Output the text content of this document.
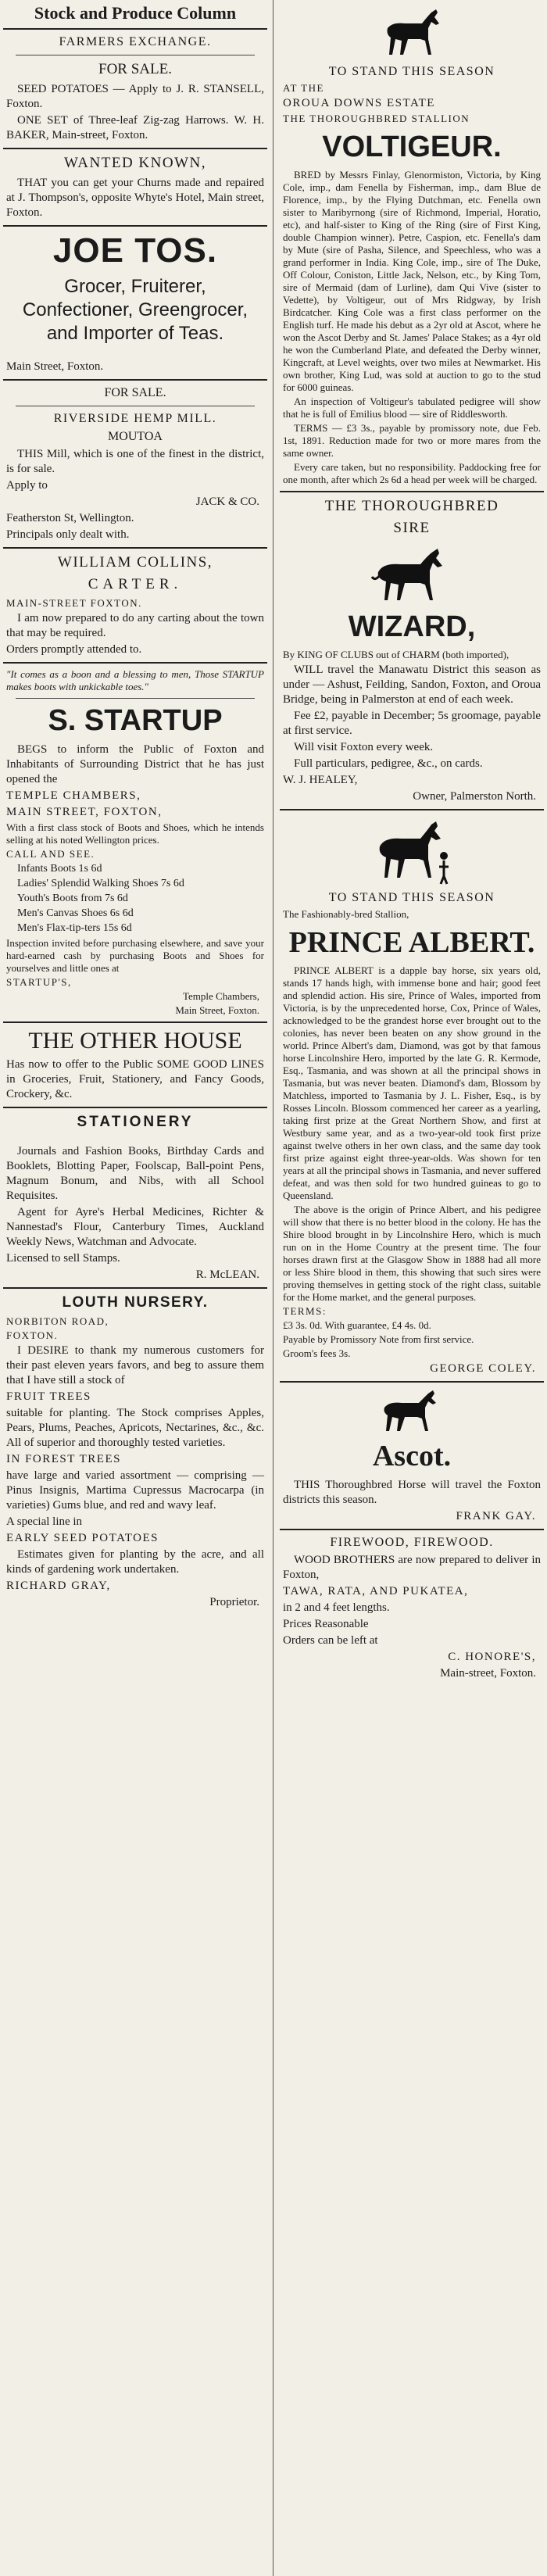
Stock and Produce Column
FARMERS EXCHANGE.
FOR SALE.
SEED POTATOES — Apply to J. R. STANSELL, Foxton.
ONE SET of Three-leaf Zig-zag Harrows. W. H. BAKER, Main-street, Foxton.
WANTED KNOWN,
THAT you can get your Churns made and repaired at J. Thompson's, opposite Whyte's Hotel, Main street, Foxton.
JOE TOS.
Grocer, Fruiterer, Confectioner, Greengrocer, and Importer of Teas.
Main Street, Foxton.
FOR SALE.
RIVERSIDE HEMP MILL.
MOUTOA
THIS Mill, which is one of the finest in the district, is for sale.
Apply to
JACK & CO.
Featherston St, Wellington.
Principals only dealt with.
WILLIAM COLLINS,
CARTER.
MAIN-STREET FOXTON.
I am now prepared to do any carting about the town that may be required.
Orders promptly attended to.
"It comes as a boon and a blessing to men, Those STARTUP makes boots with unkickable toes."
S. STARTUP
BEGS to inform the Public of Foxton and Inhabitants of Surrounding District that he has just opened the
TEMPLE CHAMBERS,
MAIN STREET, FOXTON,
With a first class stock of Boots and Shoes, which he intends selling at his noted Wellington prices.
CALL AND SEE.
Infants Boots 1s 6d
Ladies' Splendid Walking Shoes 7s 6d
Youth's Boots from 7s 6d
Men's Canvas Shoes 6s 6d
Men's Flax-tip-ters 15s 6d
Inspection invited before purchasing elsewhere, and save your hard-earned cash by purchasing Boots and Shoes for yourselves and little ones at
STARTUP'S,
Temple Chambers,
Main Street, Foxton.
THE OTHER HOUSE
Has now to offer to the Public SOME GOOD LINES in Groceries, Fruit, Stationery, and Fancy Goods, Crockery, &c.
STATIONERY
Journals and Fashion Books, Birthday Cards and Booklets, Blotting Paper, Foolscap, Ball-point Pens, Magnum Bonum, and Nibs, with all School Requisites.
Agent for Ayre's Herbal Medicines, Richter & Nannestad's Flour, Canterbury Times, Auckland Weekly News, Watchman and Advocate.
Licensed to sell Stamps.
R. McLEAN.
LOUTH NURSERY.
NORBITON ROAD,
FOXTON.
I DESIRE to thank my numerous customers for their past eleven years favors, and beg to assure them that I have still a stock of
FRUIT TREES
suitable for planting. The Stock comprises Apples, Pears, Plums, Peaches, Apricots, Nectarines, &c., &c. All of superior and thoroughly tested varieties.
IN FOREST TREES
have large and varied assortment — comprising — Pinus Insignis, Martima Cupressus Macrocarpa (in varieties) Gums blue, and red and wavy leaf.
A special line in
EARLY SEED POTATOES
Estimates given for planting by the acre, and all kinds of gardening work undertaken.
RICHARD GRAY,
Proprietor.
TO STAND THIS SEASON
AT THE
OROUA DOWNS ESTATE
THE THOROUGHBRED STALLION
VOLTIGEUR.
BRED by Messrs Finlay, Glenormiston, Victoria, by King Cole, imp., dam Fenella by Fisherman, imp., dam Blue de Florence, imp., by the Flying Dutchman, etc. Fenella own sister to Maribyrnong (sire of Richmond, Imperial, Horatio, etc), and half-sister to King of the Ring (sire of First King, double Champion winner). Petre, Caspion, etc. Fenella's dam by Mute (sire of Pasha, Silence, and Speechless, who was a grand performer in India. King Cole, imp., sire of The Duke, Off Colour, Coniston, Little Jack, Nelson, etc., by King Tom, sire of Mermaid (dam of Lurline), dam Qui Vive (sister to Vedette), by Voltigeur, out of Mrs Ridgway, by Irish Birdcatcher. King Cole was a first class performer on the English turf. He made his debut as a 2yr old at Ascot, where he won the Ascot Derby and St. James' Palace Stakes; as a 4yr old he won the Cumberland Plate, and defeated the Derby winner, Kingcraft, at Level weights, over two miles at Newmarket. His own brother, King Lud, was sold at auction to go to the stud for 6000 guineas.
An inspection of Voltigeur's tabulated pedigree will show that he is full of Emilius blood — sire of Riddlesworth.
TERMS — £3 3s., payable by promissory note, due Feb. 1st, 1891. Reduction made for two or more mares from the same owner.
Every care taken, but no responsibility. Paddocking free for one month, after which 2s 6d a head per week will be charged.
THE THOROUGHBRED
SIRE
WIZARD,
By KING OF CLUBS out of CHARM (both imported),
WILL travel the Manawatu District this season as under — Ashust, Feilding, Sandon, Foxton, and Oroua Bridge, being in Palmerston at end of each week.
Fee £2, payable in December; 5s groomage, payable at first service.
Will visit Foxton every week.
Full particulars, pedigree, &c., on cards.
W. J. HEALEY,
Owner, Palmerston North.
TO STAND THIS SEASON
The Fashionably-bred Stallion,
PRINCE ALBERT.
PRINCE ALBERT is a dapple bay horse, six years old, stands 17 hands high, with immense bone and hair; good feet and splendid action. His sire, Prince of Wales, imported from Victoria, is by the unprecedented horse, Cox, Prince of Wales, acknowledged to be the grandest horse ever brought out to the colonies, has never been beaten on any show ground in the world. Prince Albert's dam, Diamond, was got by that famous horse Lincolnshire Hero, imported by the late G. R. Kermode, Esq., Tasmania, and was shown at all the principal shows in Tasmania, but was never beaten. Diamond's dam, Blossom by Matchless, imported to Tasmania by J. L. Fisher, Esq., is by Rosses Lincoln. Blossom commenced her career as a yearling, taking first prize at the Great Northern Show, and first at Westbury same year, and as a two-year-old took first prize against twelve others in her own class, and the same day took first prize against eight three-year-olds. Was shown for ten years at all the principal shows in Tasmania, and never suffered defeat, and was then sold for two hundred guineas to go to Queensland.
The above is the origin of Prince Albert, and his pedigree will show that there is no better blood in the colony. He has the Shire blood brought in by Lincolnshire Hero, which is much run on in the Home Country at the present time. The four horses drawn first at the Glasgow Show in 1888 had all more or less Shire blood in them, this showing that such sires were proving themselves in getting stock of the right class, suitable for the Home market, and the general purposes.
TERMS:
£3 3s. 0d. With guarantee, £4 4s. 0d.
Payable by Promissory Note from first service.
Groom's fees 3s.
GEORGE COLEY.
Ascot.
THIS Thoroughbred Horse will travel the Foxton districts this season.
FRANK GAY.
FIREWOOD, FIREWOOD.
WOOD BROTHERS are now prepared to deliver in Foxton,
TAWA, RATA, AND PUKATEA,
in 2 and 4 feet lengths.
Prices Reasonable
Orders can be left at
C. HONORE'S,
Main-street, Foxton.
